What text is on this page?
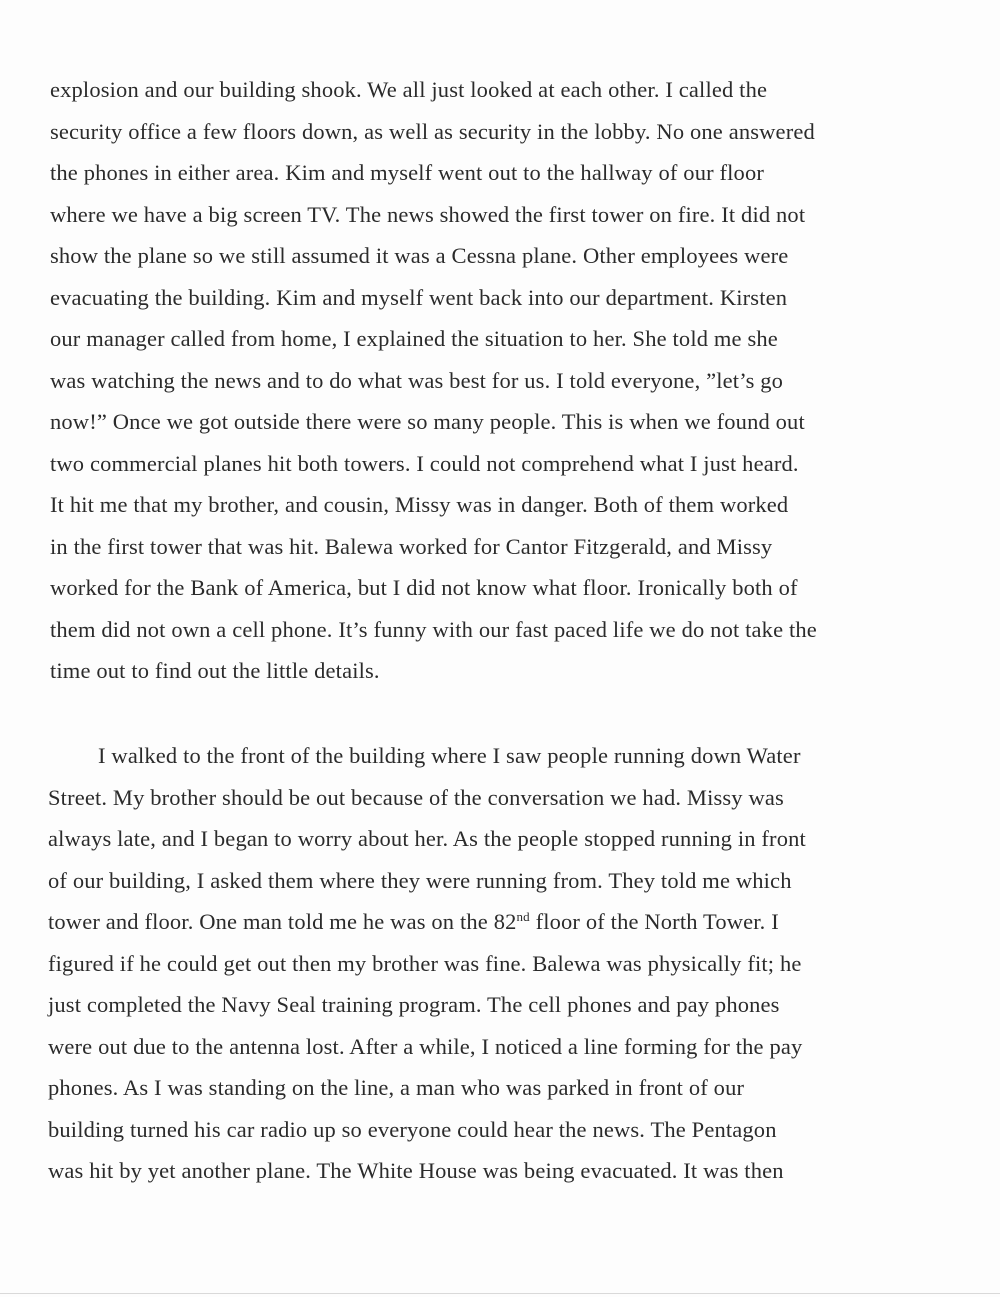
explosion and our building shook. We all just looked at each other. I called the
security office a few floors down, as well as security in the lobby. No one answered
the phones in either area. Kim and myself went out to the hallway of our floor
where we have a big screen TV. The news showed the first tower on fire. It did not
show the plane so we still assumed it was a Cessna plane. Other employees were
evacuating the building. Kim and myself went back into our department. Kirsten
our manager called from home, I explained the situation to her. She told me she
was watching the news and to do what was best for us. I told everyone, ”let’s go
now!” Once we got outside there were so many people. This is when we found out
two commercial planes hit both towers. I could not comprehend what I just heard.
It hit me that my brother, and cousin, Missy was in danger. Both of them worked
in the first tower that was hit. Balewa worked for Cantor Fitzgerald, and Missy
worked for the Bank of America, but I did not know what floor. Ironically both of
them did not own a cell phone. It’s funny with our fast paced life we do not take the
time out to find out the little details.
I walked to the front of the building where I saw people running down Water
Street. My brother should be out because of the conversation we had. Missy was
always late, and I began to worry about her. As the people stopped running in front
of our building, I asked them where they were running from. They told me which
tower and floor. One man told me he was on the 82nd floor of the North Tower. I
figured if he could get out then my brother was fine. Balewa was physically fit; he
just completed the Navy Seal training program. The cell phones and pay phones
were out due to the antenna lost. After a while, I noticed a line forming for the pay
phones. As I was standing on the line, a man who was parked in front of our
building turned his car radio up so everyone could hear the news. The Pentagon
was hit by yet another plane. The White House was being evacuated. It was then
